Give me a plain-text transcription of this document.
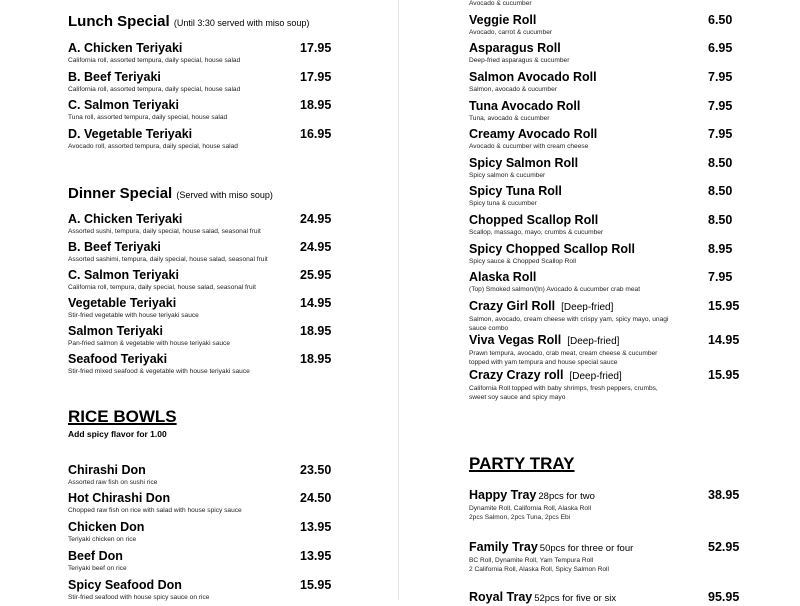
Lunch Special (Until 3:30 served with miso soup)
A. Chicken Teriyaki	17.95
California roll, assorted tempura, daily special, house salad
B. Beef Teriyaki	17.95
California roll, assorted tempura, daily special, house salad
C. Salmon Teriyaki	18.95
Tuna roll, assorted tempura, daily special, house salad
D. Vegetable Teriyaki	16.95
Avocado roll, assorted tempura, daily special, house salad
Dinner Special (Served with miso soup)
A. Chicken Teriyaki	24.95
Assorted sushi, tempura, daily special, house salad, seasonal fruit
B. Beef Teriyaki	24.95
Assorted sashimi, tempura, daily special, house salad, seasonal fruit
C. Salmon Teriyaki	25.95
California roll, tempura, daily special, house salad, seasonal fruit
Vegetable Teriyaki	14.95
Stir-fried vegetable with house teriyaki sauce
Salmon Teriyaki	18.95
Pan-fried salmon & vegetable with house teriyaki sauce
Seafood Teriyaki	18.95
Stir-fried mixed seafood & vegetable with house teriyaki sauce
RICE BOWLS
Add spicy flavor for 1.00
Chirashi Don	23.50
Assorted raw fish on sushi rice
Hot Chirashi Don	24.50
Chopped raw fish on rice with salad with house spicy sauce
Chicken Don	13.95
Teriyaki chicken on rice
Beef Don	13.95
Teriyaki beef on rice
Spicy Seafood Don	15.95
Stir-fried seafood with house spicy sauce on rice
Avocado & cucumber
Veggie Roll	6.50
Avocado, carrot & cucumber
Asparagus Roll	6.95
Deep-fried asparagus & cucumber
Salmon Avocado Roll	7.95
Salmon, avocado & cucumber
Tuna Avocado Roll	7.95
Tuna, avocado & cucumber
Creamy Avocado Roll	7.95
Avocado & cucumber with cream cheese
Spicy Salmon Roll	8.50
Spicy salmon & cucumber
Spicy Tuna Roll	8.50
Spicy tuna & cucumber
Chopped Scallop Roll	8.50
Scallop, massago, mayo, crumbs & cucumber
Spicy Chopped Scallop Roll	8.95
Spicy sauce & Chopped Scallop Roll
Alaska Roll	7.95
(Top) Smoked salmon/(In) Avocado & cucumber crab meat
Crazy Girl Roll [Deep-fried]	15.95
Salmon, avocado, cream cheese with crispy yam, spicy mayo, unagi
sauce combo
Viva Vegas Roll [Deep-fried]	14.95
Prawn tempura, avocado, crab meat, cream cheese & cucumber
topped with yam tempura and house special sauce
Crazy Crazy roll [Deep-fried]	15.95
California Roll topped with baby shrimps, fresh peppers, crumbs,
sweet soy sauce and spicy mayo
PARTY TRAY
Happy Tray 28pcs for two	38.95
Dynamite Roll, California Roll, Alaska Roll
2pcs Salmon, 2pcs Tuna, 2pcs Ebi
Family Tray 50pcs for three or four	52.95
BC Roll, Dynamite Roll, Yam Tempura Roll
2 California Roll, Alaska Roll, Spicy Salmon Roll
Royal Tray 52pcs for five or six	95.95
